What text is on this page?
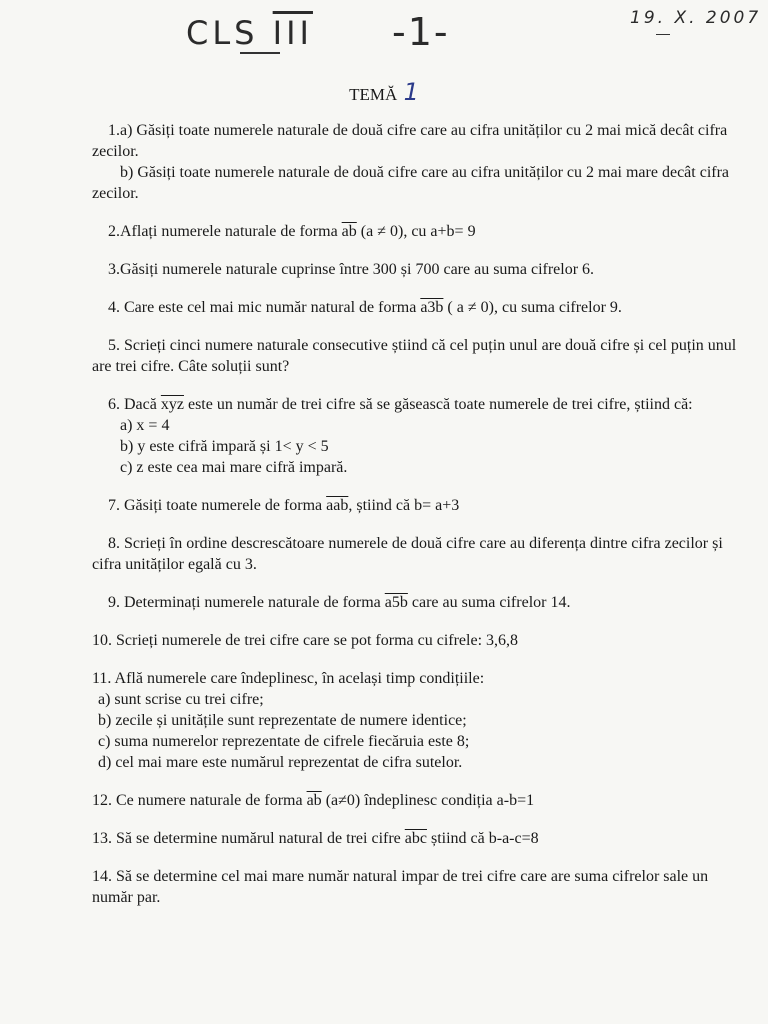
CLS $\overline{III}$ -1-	19. X. 2007
TEMĂ 1
1.a) Găsiți toate numerele naturale de două cifre care au cifra unităților cu 2 mai mică decât cifra zecilor.
b) Găsiți toate numerele naturale de două cifre care au cifra unităților cu 2 mai mare decât cifra zecilor.
2.Aflați numerele naturale de forma $\overline{ab}$ (a ≠ 0), cu a+b= 9
3.Găsiți numerele naturale cuprinse între 300 și 700 care au suma cifrelor 6.
4. Care este cel mai mic număr natural de forma a3b ( a ≠ 0), cu suma cifrelor 9.
5. Scrieți cinci numere naturale consecutive știind că cel puțin unul are două cifre și cel puțin unul are trei cifre. Câte soluții sunt?
6. Dacă $\overline{xyz}$ este un număr de trei cifre să se găsească toate numerele de trei cifre, știind că:
a) x = 4
b) y este cifră impară și 1< y < 5
c) z este cea mai mare cifră impară.
7. Găsiți toate numerele de forma $\overline{aab}$, știind că b= a+3
8. Scrieți în ordine descrescătoare numerele de două cifre care au diferența dintre cifra zecilor și cifra unităților egală cu 3.
9. Determinați numerele naturale de forma a5b care au suma cifrelor 14.
10. Scrieți numerele de trei cifre care se pot forma cu cifrele: 3,6,8
11. Află numerele care îndeplinesc, în același timp condițiile:
a) sunt scrise cu trei cifre;
b) zecile și unitățile sunt reprezentate de numere identice;
c) suma numerelor reprezentate de cifrele fiecăruia este 8;
d) cel mai mare este numărul reprezentat de cifra sutelor.
12. Ce numere naturale de forma $\overline{ab}$ (a≠0) îndeplinesc condiția a-b=1
13. Să se determine numărul natural de trei cifre $\overline{abc}$ știind că b-a-c=8
14. Să se determine cel mai mare număr natural impar de trei cifre care are suma cifrelor sale un număr par.
